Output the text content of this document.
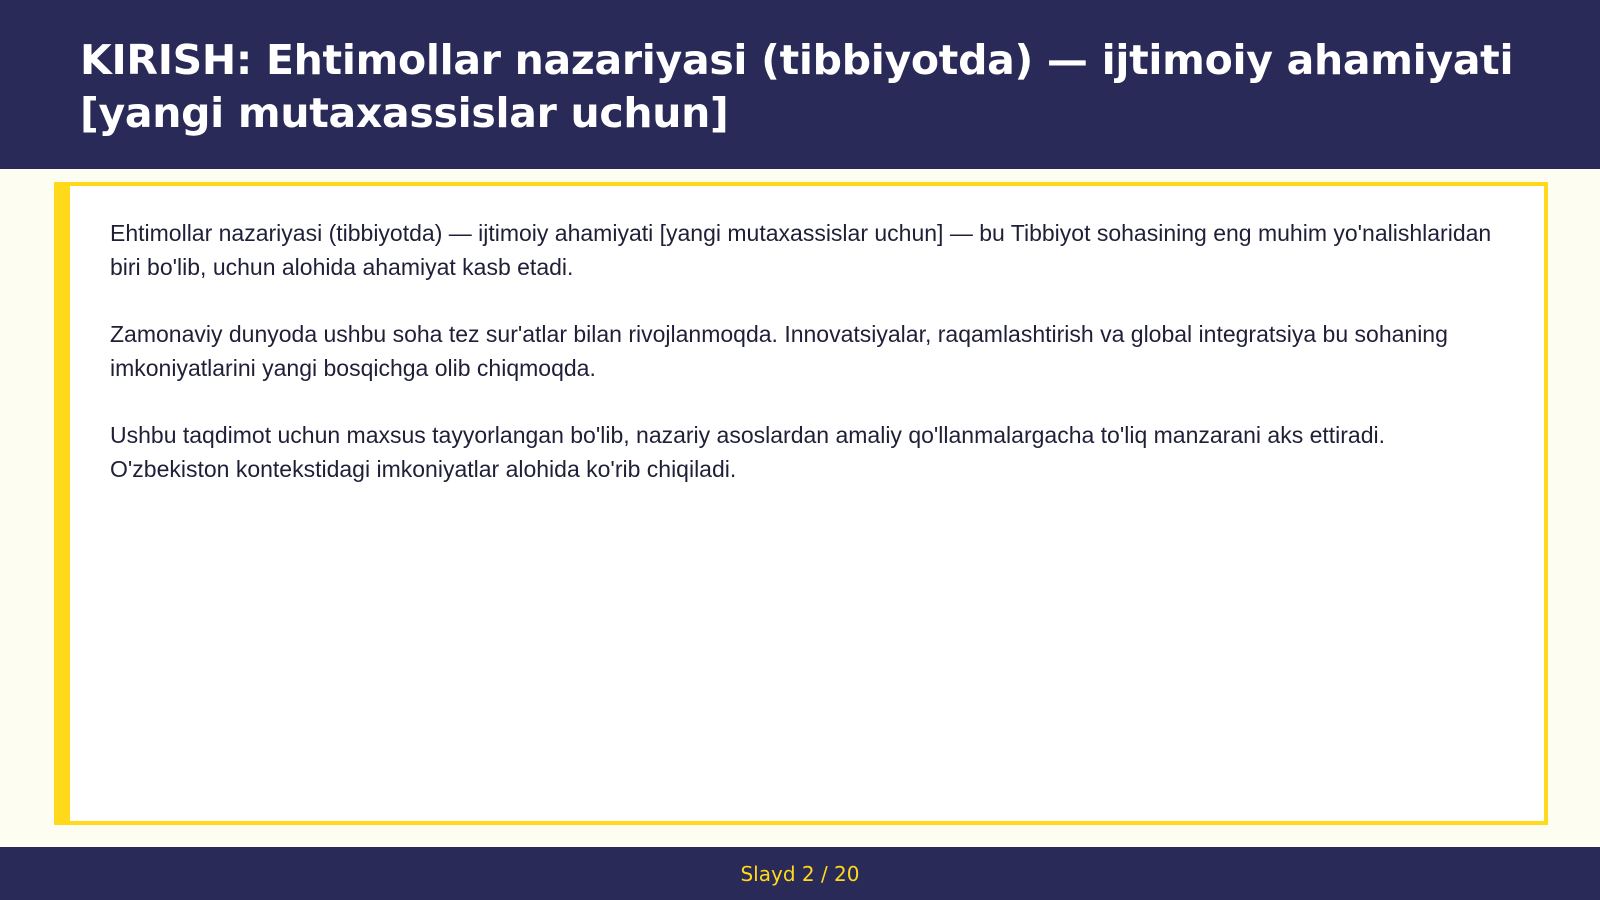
KIRISH: Ehtimollar nazariyasi (tibbiyotda) — ijtimoiy ahamiyati [yangi mutaxassislar uchun]

Ehtimollar nazariyasi (tibbiyotda) — ijtimoiy ahamiyati [yangi mutaxassislar uchun] — bu Tibbiyot sohasining eng muhim yo'nalishlaridan biri bo'lib, uchun alohida ahamiyat kasb etadi.

Zamonaviy dunyoda ushbu soha tez sur'atlar bilan rivojlanmoqda. Innovatsiyalar, raqamlashtirish va global integratsiya bu sohaning imkoniyatlarini yangi bosqichga olib chiqmoqda.

Ushbu taqdimot uchun maxsus tayyorlangan bo'lib, nazariy asoslardan amaliy qo'llanmalargacha to'liq manzarani aks ettiradi. O'zbekiston kontekstidagi imkoniyatlar alohida ko'rib chiqiladi.

Slayd 2 / 20
